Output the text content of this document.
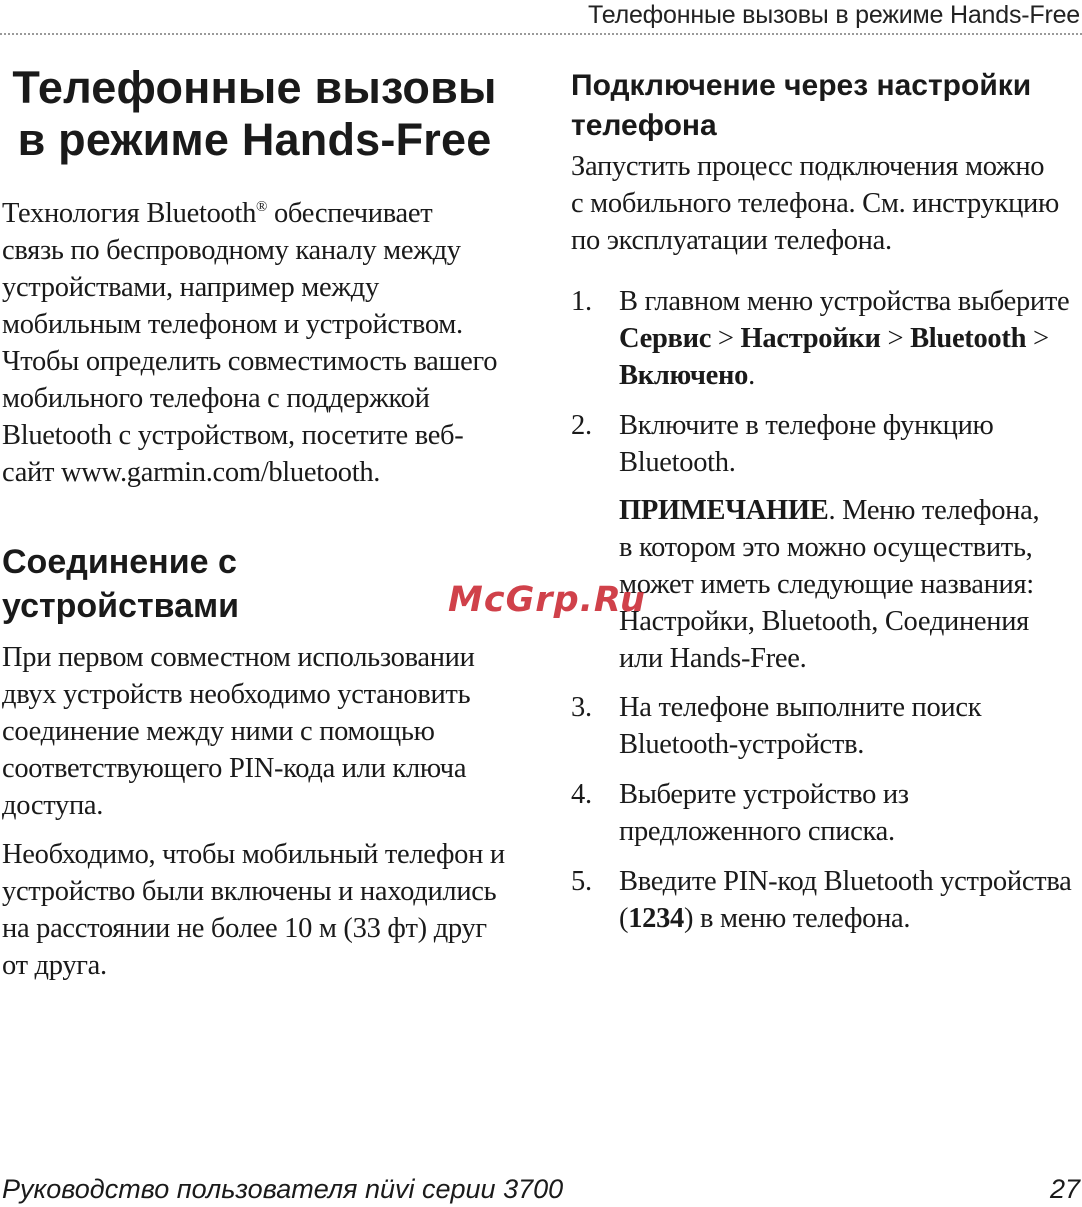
Телефонные вызовы в режиме Hands-Free
Телефонные вызовы
в режиме Hands-Free

Технология Bluetooth® обеспечивает
связь по беспроводному каналу между
устройствами, например между
мобильным телефоном и устройством.
Чтобы определить совместимость вашего
мобильного телефона с поддержкой
Bluetooth с устройством, посетите веб-
сайт www.garmin.com/bluetooth.

Соединение с
устройствами

При первом совместном использовании
двух устройств необходимо установить
соединение между ними с помощью
соответствующего PIN-кода или ключа
доступа.

Необходимо, чтобы мобильный телефон и
устройство были включены и находились
на расстоянии не более 10 м (33 фт) друг
от друга.

Подключение через настройки
телефона

Запустить процесс подключения можно
с мобильного телефона. См. инструкцию
по эксплуатации телефона.

1. В главном меню устройства выберите
Сервис > Настройки > Bluetooth >
Включено.
2. Включите в телефоне функцию
Bluetooth.
ПРИМЕЧАНИЕ. Меню телефона,
в котором это можно осуществить,
может иметь следующие названия:
Настройки, Bluetooth, Соединения
или Hands-Free.
3. На телефоне выполните поиск
Bluetooth-устройств.
4. Выберите устройство из
предложенного списка.
5. Введите PIN-код Bluetooth устройства
(1234) в меню телефона.
McGrp.Ru
Руководство пользователя nüvi серии 3700	27
